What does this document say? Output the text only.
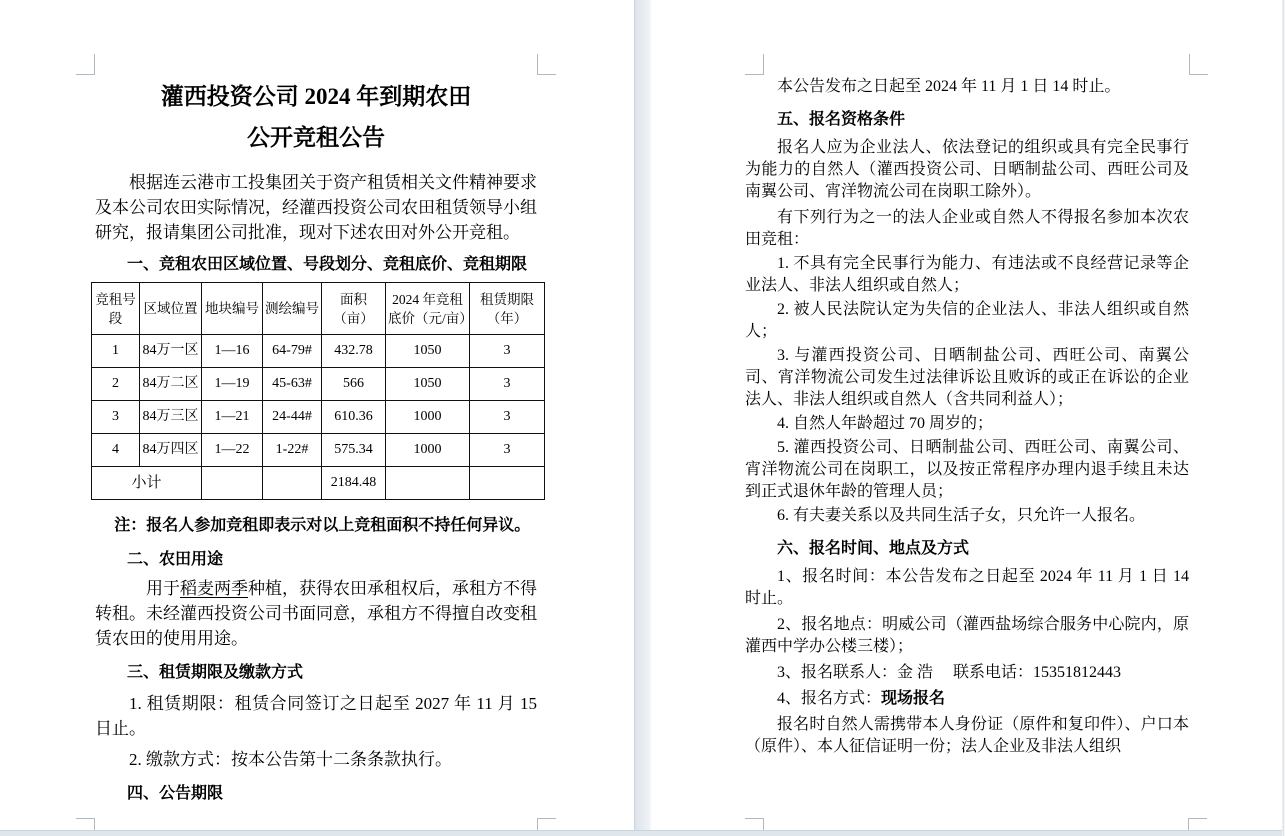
灌西投资公司 2024 年到期农田
公开竞租公告

根据连云港市工投集团关于资产租赁相关文件精神要求及本公司农田实际情况，经灌西投资公司农田租赁领导小组研究，报请集团公司批准，现对下述农田对外公开竞租。

一、竞租农田区域位置、号段划分、竞租底价、竞租期限

竞租号段	区域位置	地块编号	测绘编号	面积（亩）	2024 年竞租底价（元/亩）	租赁期限（年）
1	84万一区	1—16	64-79#	432.78	1050	3
2	84万二区	1—19	45-63#	566	1050	3
3	84万三区	1—21	24-44#	610.36	1000	3
4	84万四区	1—22	1-22#	575.34	1000	3
小计				2184.48		

注：报名人参加竞租即表示对以上竞租面积不持任何异议。

二、农田用途

用于稻麦两季种植，获得农田承租权后，承租方不得转租。未经灌西投资公司书面同意，承租方不得擅自改变租赁农田的使用用途。

三、租赁期限及缴款方式

1. 租赁期限：租赁合同签订之日起至 2027 年 11 月 15 日止。

2. 缴款方式：按本公告第十二条条款执行。

四、公告期限

本公告发布之日起至 2024 年 11 月 1 日 14 时止。

五、报名资格条件

报名人应为企业法人、依法登记的组织或具有完全民事行为能力的自然人（灌西投资公司、日晒制盐公司、西旺公司及南翼公司、宵洋物流公司在岗职工除外）。

有下列行为之一的法人企业或自然人不得报名参加本次农田竞租：

1. 不具有完全民事行为能力、有违法或不良经营记录等企业法人、非法人组织或自然人；

2. 被人民法院认定为失信的企业法人、非法人组织或自然人；

3. 与灌西投资公司、日晒制盐公司、西旺公司、南翼公司、宵洋物流公司发生过法律诉讼且败诉的或正在诉讼的企业法人、非法人组织或自然人（含共同利益人）；

4. 自然人年龄超过 70 周岁的；

5. 灌西投资公司、日晒制盐公司、西旺公司、南翼公司、宵洋物流公司在岗职工，以及按正常程序办理内退手续且未达到正式退休年龄的管理人员；

6. 有夫妻关系以及共同生活子女，只允许一人报名。

六、报名时间、地点及方式

1、报名时间：本公告发布之日起至 2024 年 11 月 1 日 14 时止。

2、报名地点：明威公司（灌西盐场综合服务中心院内，原灌西中学办公楼三楼）；

3、报名联系人：金 浩　 联系电话：15351812443

4、报名方式：现场报名

报名时自然人需携带本人身份证（原件和复印件）、户口本（原件）、本人征信证明一份；法人企业及非法人组织
